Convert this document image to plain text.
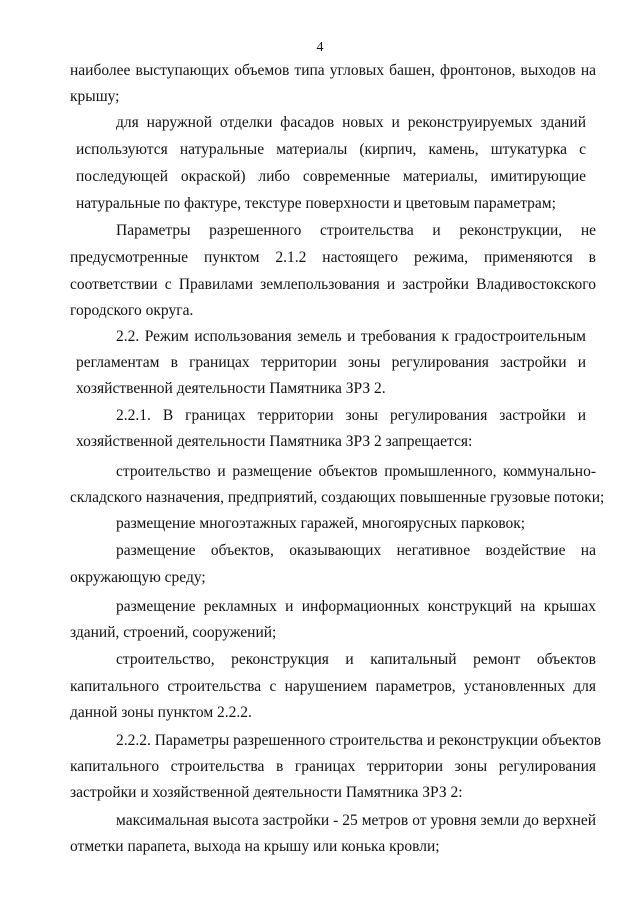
4
наиболее выступающих объемов типа угловых башен, фронтонов, выходов на
крышу;
для наружной отделки фасадов новых и реконструируемых зданий
используются натуральные материалы (кирпич, камень, штукатурка с
последующей окраской) либо современные материалы, имитирующие
натуральные по фактуре, текстуре поверхности и цветовым параметрам;
Параметры разрешенного строительства и реконструкции, не
предусмотренные пунктом 2.1.2 настоящего режима, применяются в
соответствии с Правилами землепользования и застройки Владивостокского
городского округа.
2.2. Режим использования земель и требования к градостроительным
регламентам в границах территории зоны регулирования застройки и
хозяйственной деятельности Памятника ЗРЗ 2.
2.2.1. В границах территории зоны регулирования застройки и
хозяйственной деятельности Памятника ЗРЗ 2 запрещается:
строительство и размещение объектов промышленного, коммунально-
складского назначения, предприятий, создающих повышенные грузовые потоки;
размещение многоэтажных гаражей, многоярусных парковок;
размещение объектов, оказывающих негативное воздействие на
окружающую среду;
размещение рекламных и информационных конструкций на крышах
зданий, строений, сооружений;
строительство, реконструкция и капитальный ремонт объектов
капитального строительства с нарушением параметров, установленных для
данной зоны пунктом 2.2.2.
2.2.2. Параметры разрешенного строительства и реконструкции объектов
капитального строительства в границах территории зоны регулирования
застройки и хозяйственной деятельности Памятника ЗРЗ 2:
максимальная высота застройки - 25 метров от уровня земли до верхней
отметки парапета, выхода на крышу или конька кровли;
